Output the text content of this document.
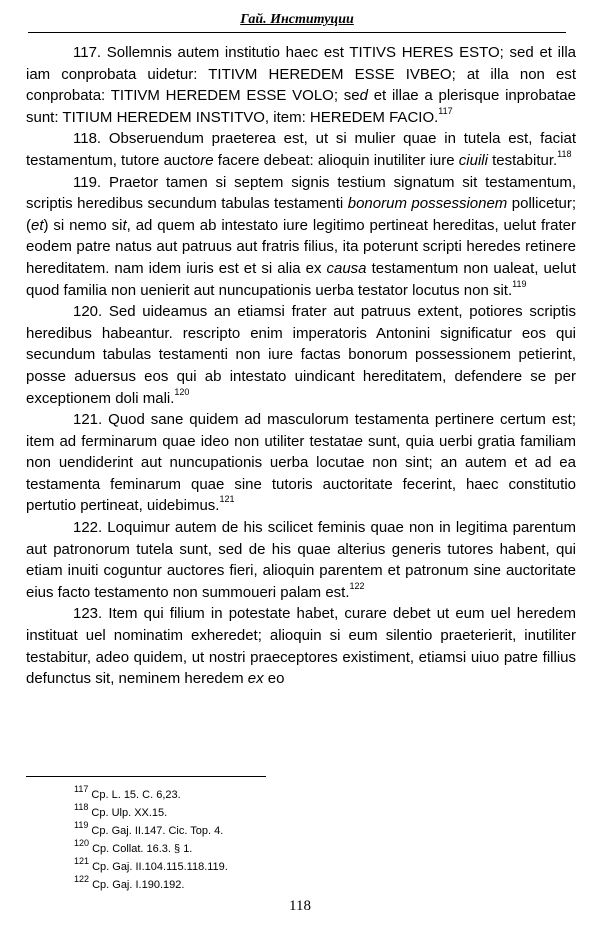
Гай. Институции

117. Sollemnis autem institutio haec est TITIVS HERES ESTO; sed et illa iam conprobata uidetur: TITIVM HEREDEM ESSE IVBEO; at illa non est conprobata: TITIVM HEREDEM ESSE VOLO; sed et illae a plerisque inprobatae sunt: TITIUM HEREDEM INSTITVO, item: HEREDEM FACIO.$^{117}$

118. Obseruendum praeterea est, ut si mulier quae in tutela est, faciat testamentum, tutore auctore facere debeat: alioquin inutiliter iure ciuili testabitur.$^{118}$

119. Praetor tamen si septem signis testium signatum sit testamentum, scriptis heredibus secundum tabulas testamenti bonorum possessionem pollicetur; (et) si nemo sit, ad quem ab intestato iure legitimo pertineat hereditas, uelut frater eodem patre natus aut patruus aut fratris filius, ita poterunt scripti heredes retinere hereditatem. nam idem iuris est et si alia ex causa testamentum non ualeat, uelut quod familia non uenierit aut nuncupationis uerba testator locutus non sit.$^{119}$

120. Sed uideamus an etiamsi frater aut patruus extent, potiores scriptis heredibus habeantur. rescripto enim imperatoris Antonini significatur eos qui secundum tabulas testamenti non iure factas bonorum possessionem petierint, posse aduersus eos qui ab intestato uindicant hereditatem, defendere se per exceptionem doli mali.$^{120}$

121. Quod sane quidem ad masculorum testamenta pertinere certum est; item ad ferminarum quae ideo non utiliter testatae sunt, quia uerbi gratia familiam non uendiderint aut nuncupationis uerba locutae non sint; an autem et ad ea testamenta feminarum quae sine tutoris auctoritate fecerint, haec constitutio pertutio pertineat, uidebimus.$^{121}$

122. Loquimur autem de his scilicet feminis quae non in legitima parentum aut patronorum tutela sunt, sed de his quae alterius generis tutores habent, qui etiam inuiti coguntur auctores fieri, alioquin parentem et patronum sine auctoritate eius facto testamento non summoueri palam est.$^{122}$

123. Item qui filium in potestate habet, curare debet ut eum uel heredem instituat uel nominatim exheredet; alioquin si eum silentio praeterierit, inutiliter testabitur, adeo quidem, ut nostri praeceptores existiment, etiamsi uiuo patre fillius defunctus sit, neminem heredem ex eo

$^{117}$ Cp. L. 15. C. 6,23.
$^{118}$ Cp. Ulp. XX.15.
$^{119}$ Cp. Gaj. II.147. Cic. Top. 4.
$^{120}$ Cp. Collat. 16.3. § 1.
$^{121}$ Cp. Gaj. II.104.115.118.119.
$^{122}$ Cp. Gaj. I.190.192.
118
